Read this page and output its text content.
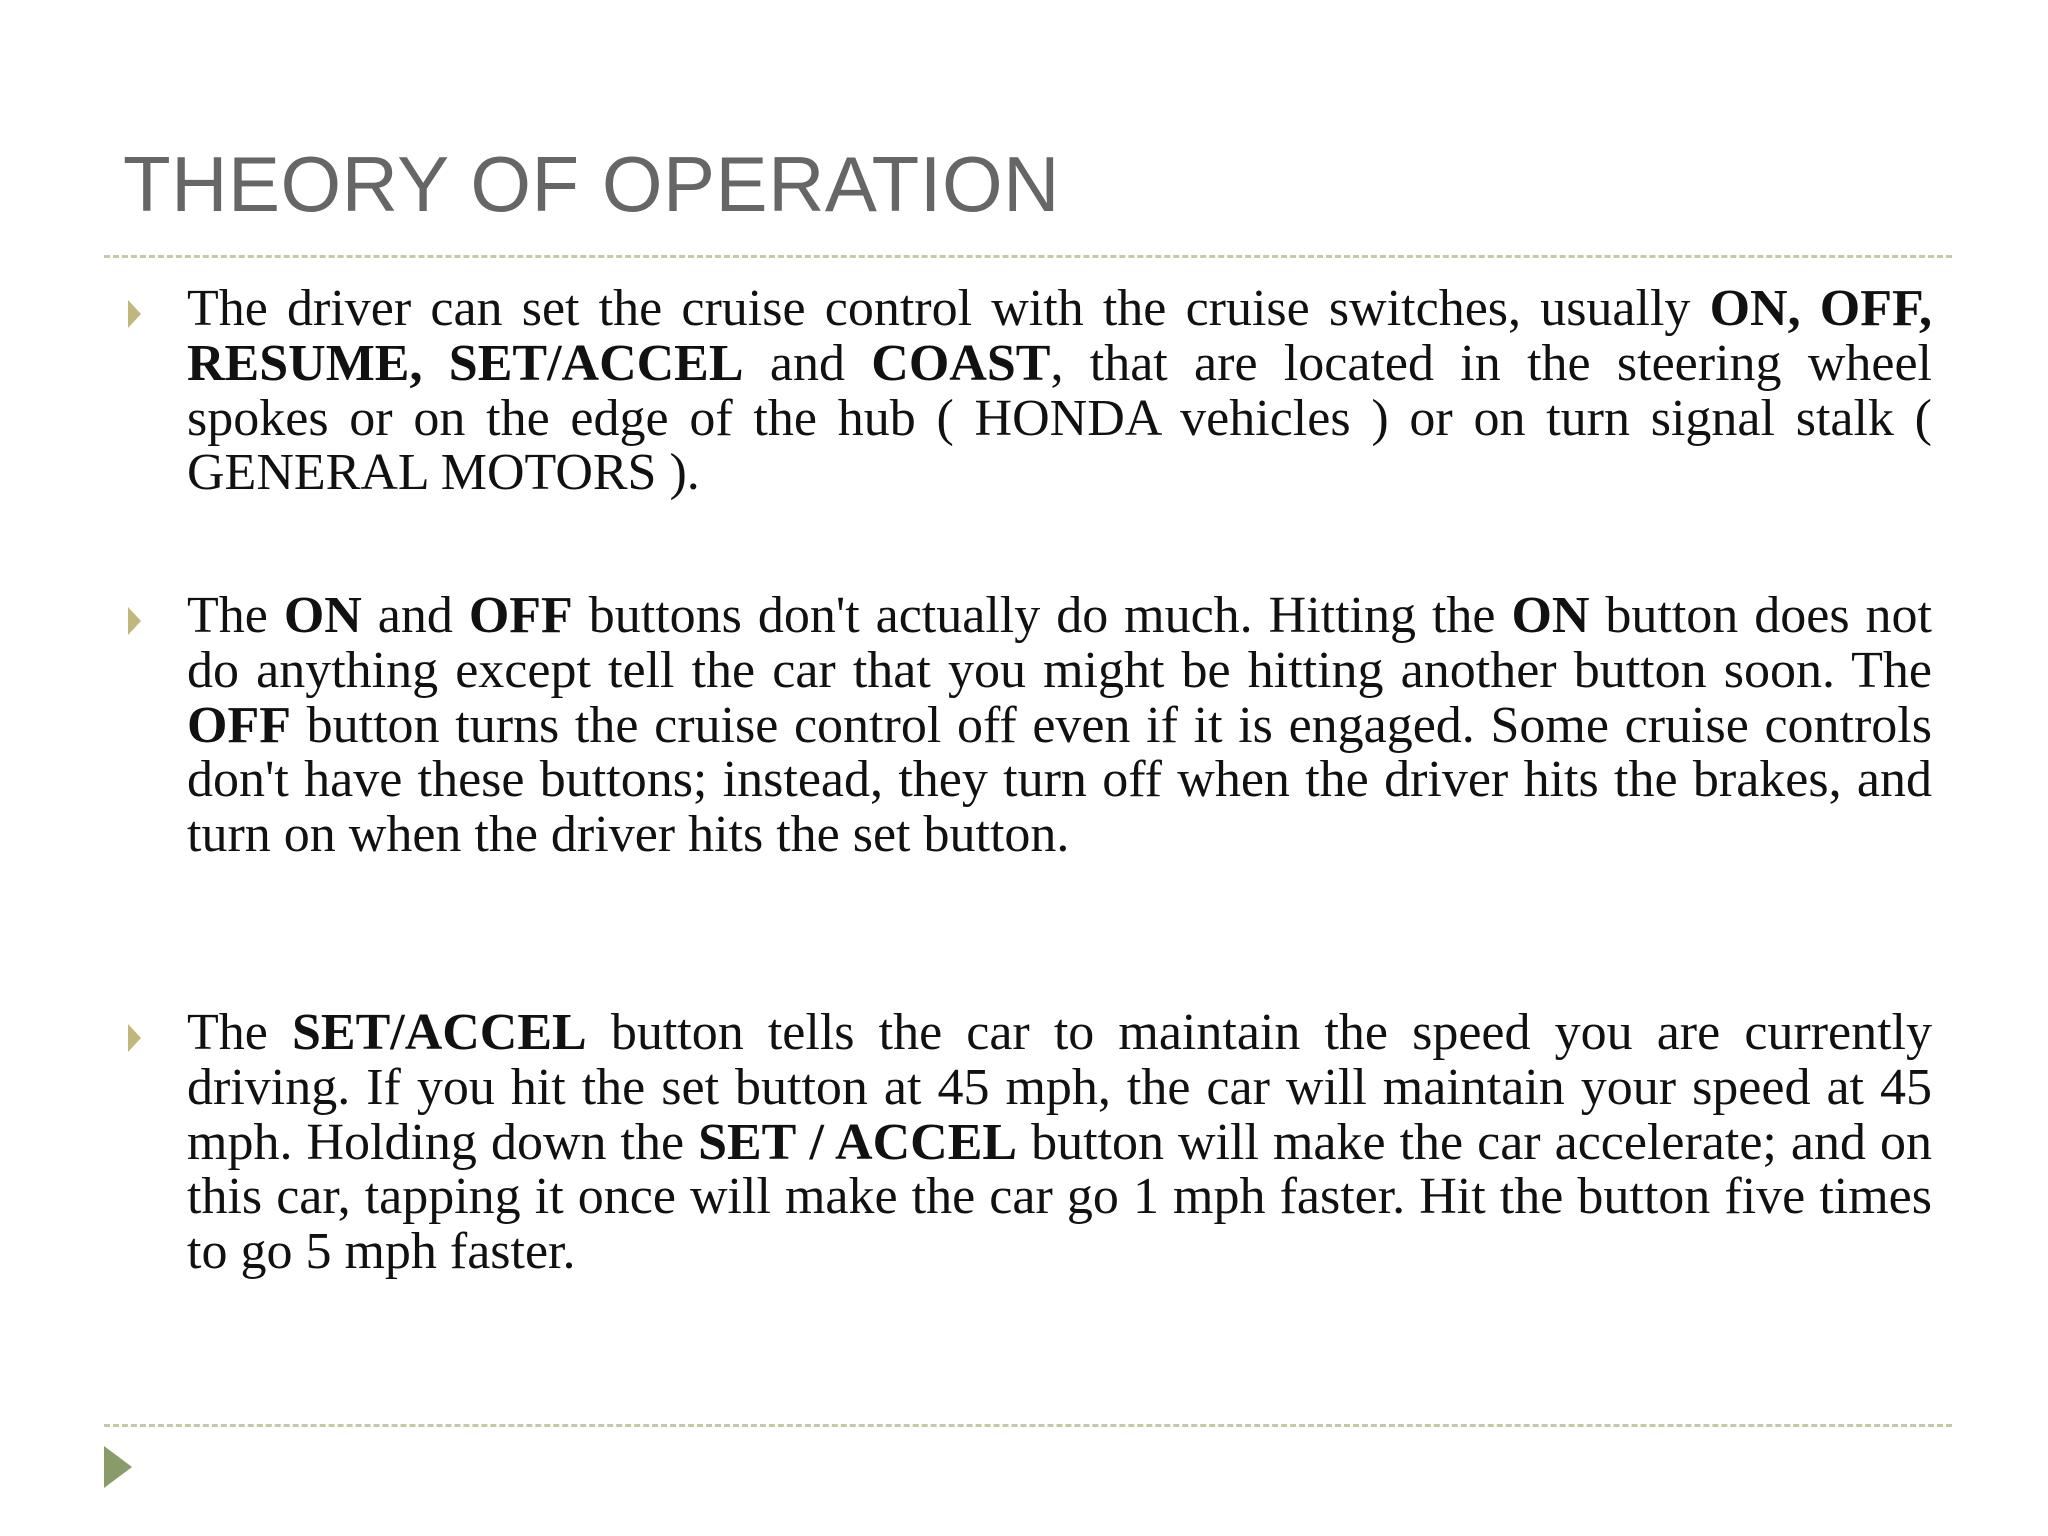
THEORY OF OPERATION

The driver can set the cruise control with the cruise switches, usually ON, OFF, RESUME, SET/ACCEL and COAST, that are located in the steering wheel spokes or on the edge of the hub ( HONDA vehicles ) or on turn signal stalk ( GENERAL MOTORS ).

The ON and OFF buttons don't actually do much. Hitting the ON button does not do anything except tell the car that you might be hitting another button soon. The OFF button turns the cruise control off even if it is engaged. Some cruise controls don't have these buttons; instead, they turn off when the driver hits the brakes, and turn on when the driver hits the set button.

The SET/ACCEL button tells the car to maintain the speed you are currently driving. If you hit the set button at 45 mph, the car will maintain your speed at 45 mph. Holding down the SET / ACCEL button will make the car accelerate; and on this car, tapping it once will make the car go 1 mph faster. Hit the button five times to go 5 mph faster.
